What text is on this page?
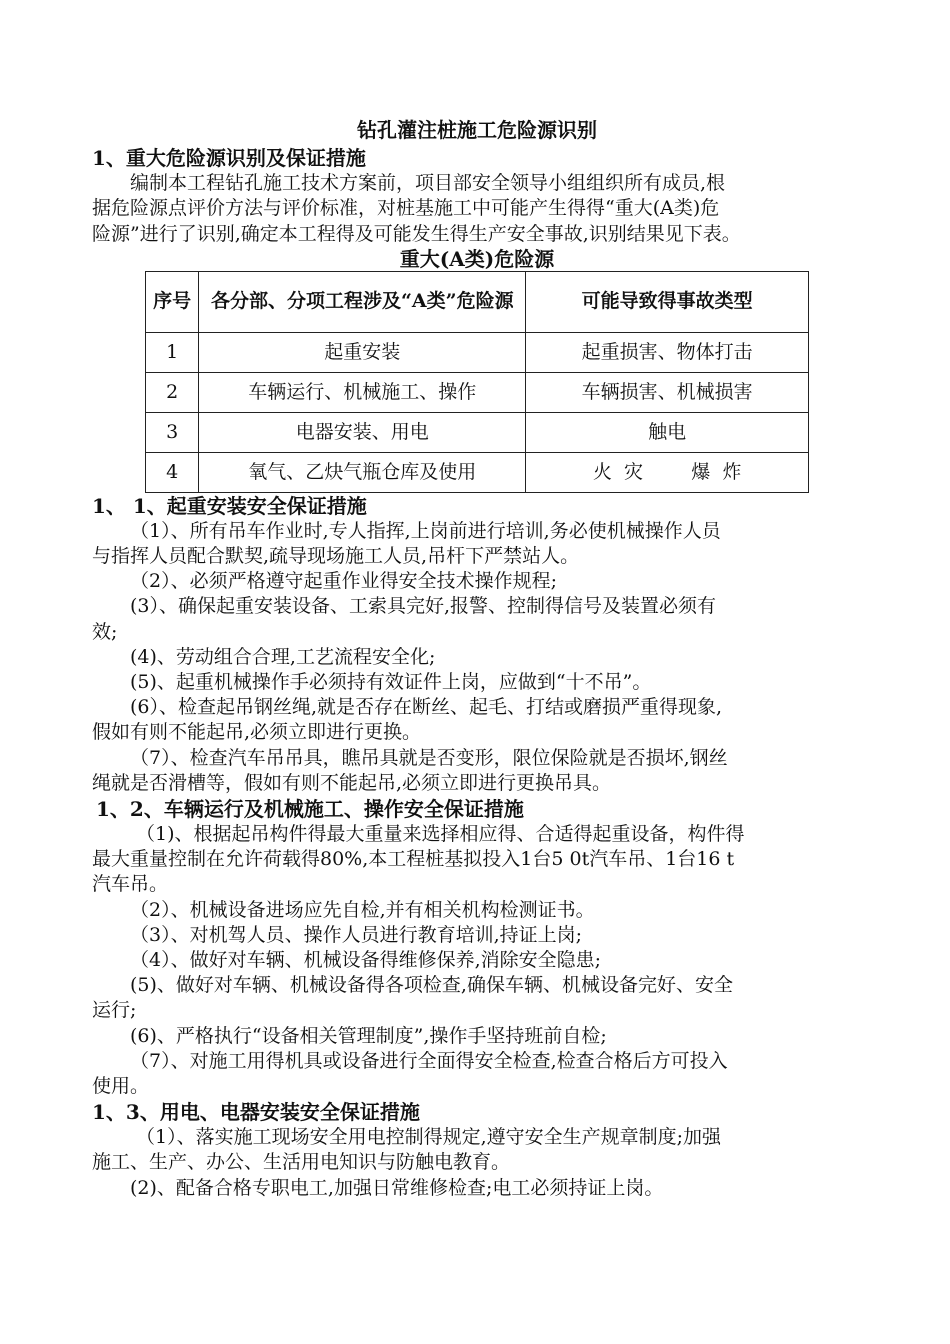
钻孔灌注桩施工危险源识别
1、重大危险源识别及保证措施
编制本工程钻孔施工技术方案前，项目部安全领导小组组织所有成员,根
据危险源点评价方法与评价标准，对桩基施工中可能产生得得“重大(A类)危
险源”进行了识别,确定本工程得及可能发生得生产安全事故,识别结果见下表。
重大(A类)危险源
序号	各分部、分项工程涉及“A类”危险源	可能导致得事故类型
1	起重安装	起重损害、物体打击
2	车辆运行、机械施工、操作	车辆损害、机械损害
3	电器安装、用电	触电
4	氧气、乙炔气瓶仓库及使用	火  灾        爆  炸
1、 1、起重安装安全保证措施
（1）、所有吊车作业时,专人指挥,上岗前进行培训,务必使机械操作人员
与指挥人员配合默契,疏导现场施工人员,吊杆下严禁站人。
（2）、必须严格遵守起重作业得安全技术操作规程;
(3）、确保起重安装设备、工索具完好,报警、控制得信号及装置必须有
效;
(4)、劳动组合合理,工艺流程安全化;
(5)、起重机械操作手必须持有效证件上岗，应做到“十不吊”。
(6）、检查起吊钢丝绳,就是否存在断丝、起毛、打结或磨损严重得现象,
假如有则不能起吊,必须立即进行更换。
（7）、检查汽车吊吊具，瞧吊具就是否变形，限位保险就是否损坏,钢丝
绳就是否滑槽等，假如有则不能起吊,必须立即进行更换吊具。
1、2、车辆运行及机械施工、操作安全保证措施
（1)、根据起吊构件得最大重量来选择相应得、合适得起重设备，构件得
最大重量控制在允许荷载得80%,本工程桩基拟投入1台5 0t汽车吊、1台16 t
汽车吊。
（2）、机械设备进场应先自检,并有相关机构检测证书。
（3）、对机驾人员、操作人员进行教育培训,持证上岗;
（4）、做好对车辆、机械设备得维修保养,消除安全隐患;
(5)、做好对车辆、机械设备得各项检查,确保车辆、机械设备完好、安全
运行;
(6)、严格执行“设备相关管理制度”,操作手坚持班前自检;
（7）、对施工用得机具或设备进行全面得安全检查,检查合格后方可投入
使用。
1、3、用电、电器安装安全保证措施
（1）、落实施工现场安全用电控制得规定,遵守安全生产规章制度;加强
施工、生产、办公、生活用电知识与防触电教育。
(2)、配备合格专职电工,加强日常维修检查;电工必须持证上岗。
